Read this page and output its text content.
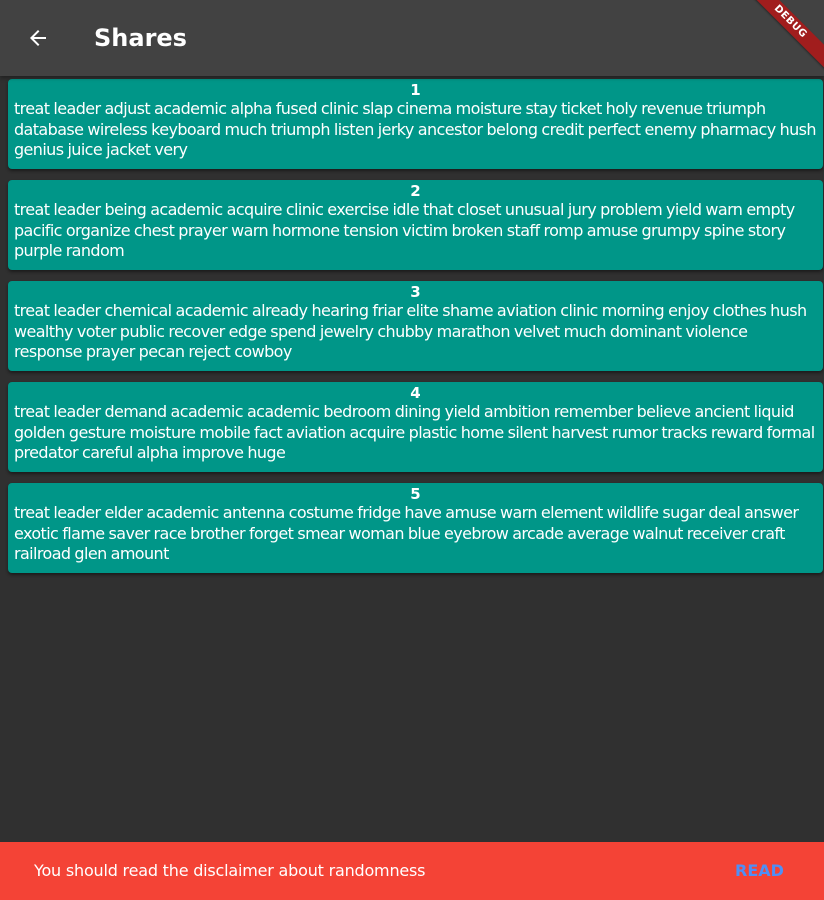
Shares	DEBUG
1
treat leader adjust academic alpha fused clinic slap cinema moisture stay ticket holy revenue triumph database wireless keyboard much triumph listen jerky ancestor belong credit perfect enemy pharmacy hush genius juice jacket very
2
treat leader being academic acquire clinic exercise idle that closet unusual jury problem yield warn empty pacific organize chest prayer warn hormone tension victim broken staff romp amuse grumpy spine story purple random
3
treat leader chemical academic already hearing friar elite shame aviation clinic morning enjoy clothes hush wealthy voter public recover edge spend jewelry chubby marathon velvet much dominant violence response prayer pecan reject cowboy
4
treat leader demand academic academic bedroom dining yield ambition remember believe ancient liquid golden gesture moisture mobile fact aviation acquire plastic home silent harvest rumor tracks reward formal predator careful alpha improve huge
5
treat leader elder academic antenna costume fridge have amuse warn element wildlife sugar deal answer exotic flame saver race brother forget smear woman blue eyebrow arcade average walnut receiver craft railroad glen amount
You should read the disclaimer about randomness	READ
